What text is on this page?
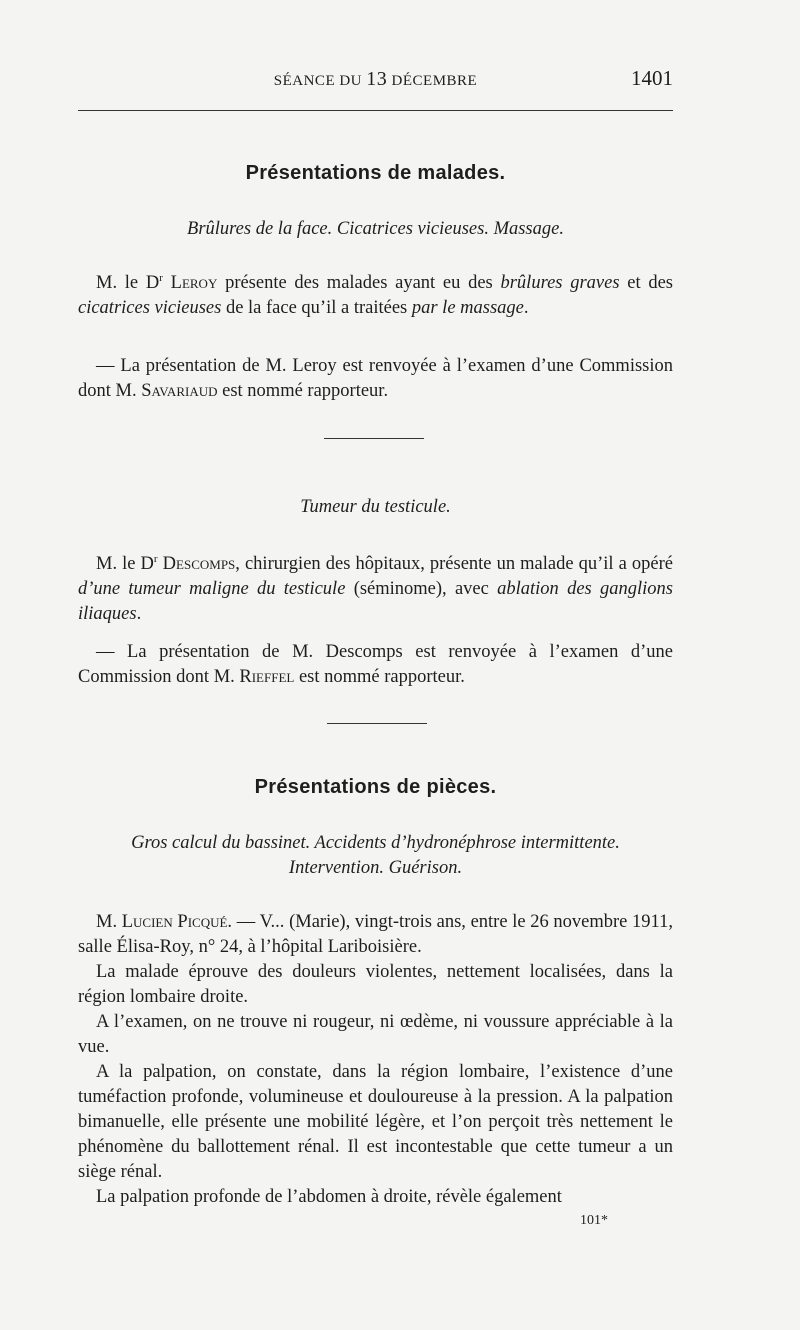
SÉANCE DU 13 DÉCEMBRE	1401
Présentations de malades.
Brûlures de la face. Cicatrices vicieuses. Massage.
M. le $D^r$ Leroy présente des malades ayant eu des brûlures graves et des cicatrices vicieuses de la face qu’il a traitées par le massage.
— La présentation de M. Leroy est renvoyée à l’examen d’une Commission dont M. Savariaud est nommé rapporteur.
Tumeur du testicule.
M. le $D^r$ Descomps, chirurgien des hôpitaux, présente un malade qu’il a opéré d’une tumeur maligne du testicule (séminome), avec ablation des ganglions iliaques.
— La présentation de M. Descomps est renvoyée à l’examen d’une Commission dont M. Rieffel est nommé rapporteur.
Présentations de pièces.
Gros calcul du bassinet. Accidents d’hydronéphrose intermittente.
Intervention. Guérison.

M. Lucien Picqué. — V... (Marie), vingt-trois ans, entre le 26 novembre 1911, salle Élisa-Roy, n° 24, à l’hôpital Lariboisière.

La malade éprouve des douleurs violentes, nettement localisées, dans la région lombaire droite.

A l’examen, on ne trouve ni rougeur, ni œdème, ni voussure appréciable à la vue.

A la palpation, on constate, dans la région lombaire, l’existence d’une tuméfaction profonde, volumineuse et douloureuse à la pression. A la palpation bimanuelle, elle présente une mobilité légère, et l’on perçoit très nettement le phénomène du ballottement rénal. Il est incontestable que cette tumeur a un siège rénal.

La palpation profonde de l’abdomen à droite, révèle également

101*
